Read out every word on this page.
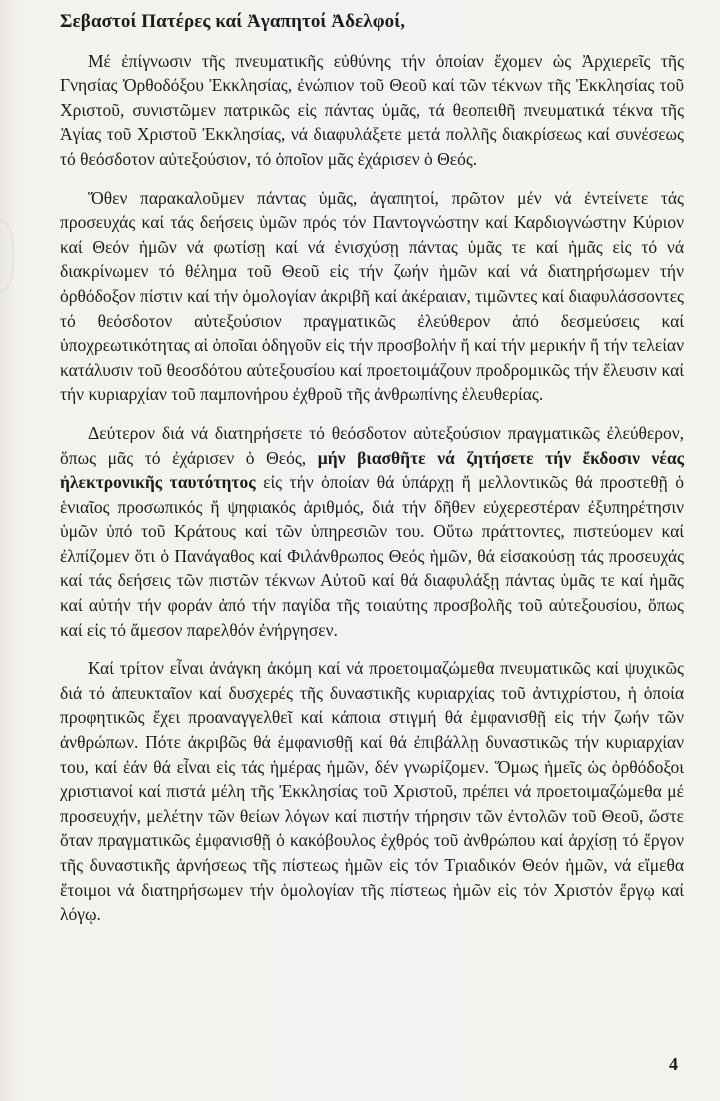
Σεβαστοί Πατέρες καί Ἀγαπητοί Ἀδελφοί,

Μέ ἐπίγνωσιν τῆς πνευματικῆς εὐθύνης τήν ὁποίαν ἔχομεν ὡς Ἀρχιερεῖς τῆς Γνησίας Ὀρθοδόξου Ἐκκλησίας, ἐνώπιον τοῦ Θεοῦ καί τῶν τέκνων τῆς Ἐκκλησίας τοῦ Χριστοῦ, συνιστῶμεν πατρικῶς εἰς πάντας ὑμᾶς, τά θεοπειθῆ πνευματικά τέκνα τῆς Ἁγίας τοῦ Χριστοῦ Ἐκκλησίας, νά διαφυλάξετε μετά πολλῆς διακρίσεως καί συνέσεως τό θεόσδοτον αὐτεξούσιον, τό ὁποῖον μᾶς ἐχάρισεν ὁ Θεός.

Ὅθεν παρακαλοῦμεν πάντας ὑμᾶς, ἀγαπητοί, πρῶτον μέν νά ἐντείνετε τάς προσευχάς καί τάς δεήσεις ὑμῶν πρός τόν Παντογνώστην καί Καρδιογνώστην Κύριον καί Θεόν ἡμῶν νά φωτίσῃ καί νά ἐνισχύσῃ πάντας ὑμᾶς τε καί ἡμᾶς εἰς τό νά διακρίνωμεν τό θέλημα τοῦ Θεοῦ εἰς τήν ζωήν ἡμῶν καί νά διατηρήσωμεν τήν ὀρθόδοξον πίστιν καί τήν ὁμολογίαν ἀκριβῆ καί ἀκέραιαν, τιμῶντες καί διαφυλάσσοντες τό θεόσδοτον αὐτεξούσιον πραγματικῶς ἐλεύθερον ἀπό δεσμεύσεις καί ὑποχρεωτικότητας αἱ ὁποῖαι ὁδηγοῦν εἰς τήν προσβολήν ἤ καί τήν μερικήν ἤ τήν τελείαν κατάλυσιν τοῦ θεοσδότου αὐτεξουσίου καί προετοιμάζουν προδρομικῶς τήν ἔλευσιν καί τήν κυριαρχίαν τοῦ παμπονήρου ἐχθροῦ τῆς ἀνθρωπίνης ἐλευθερίας.

Δεύτερον διά νά διατηρήσετε τό θεόσδοτον αὐτεξούσιον πραγματικῶς ἐλεύθερον, ὅπως μᾶς τό ἐχάρισεν ὁ Θεός, μήν βιασθῆτε νά ζητήσετε τήν ἔκδοσιν νέας ἠλεκτρονικῆς ταυτότητος εἰς τήν ὁποίαν θά ὑπάρχῃ ἤ μελλοντικῶς θά προστεθῇ ὁ ἑνιαῖος προσωπικός ἤ ψηφιακός ἀριθμός, διά τήν δῆθεν εὐχερεστέραν ἐξυπηρέτησιν ὑμῶν ὑπό τοῦ Κράτους καί τῶν ὑπηρεσιῶν του. Οὕτω πράττοντες, πιστεύομεν καί ἐλπίζομεν ὅτι ὁ Πανάγαθος καί Φιλάνθρωπος Θεός ἡμῶν, θά εἰσακούσῃ τάς προσευχάς καί τάς δεήσεις τῶν πιστῶν τέκνων Αὐτοῦ καί θά διαφυλάξῃ πάντας ὑμᾶς τε καί ἡμᾶς καί αὐτήν τήν φοράν ἀπό τήν παγίδα τῆς τοιαύτης προσβολῆς τοῦ αὐτεξουσίου, ὅπως καί εἰς τό ἄμεσον παρελθόν ἐνήργησεν.

Καί τρίτον εἶναι ἀνάγκη ἀκόμη καί νά προετοιμαζώμεθα πνευματικῶς καί ψυχικῶς διά τό ἀπευκταῖον καί δυσχερές τῆς δυναστικῆς κυριαρχίας τοῦ ἀντιχρίστου, ἡ ὁποία προφητικῶς ἔχει προαναγγελθεῖ καί κάποια στιγμή θά ἐμφανισθῇ εἰς τήν ζωήν τῶν ἀνθρώπων. Πότε ἀκριβῶς θά ἐμφανισθῇ καί θά ἐπιβάλλῃ δυναστικῶς τήν κυριαρχίαν του, καί ἐάν θά εἶναι εἰς τάς ἡμέρας ἡμῶν, δέν γνωρίζομεν. Ὅμως ἡμεῖς ὡς ὀρθόδοξοι χριστιανοί καί πιστά μέλη τῆς Ἐκκλησίας τοῦ Χριστοῦ, πρέπει νά προετοιμαζώμεθα μέ προσευχήν, μελέτην τῶν θείων λόγων καί πιστήν τήρησιν τῶν ἐντολῶν τοῦ Θεοῦ, ὥστε ὅταν πραγματικῶς ἐμφανισθῇ ὁ κακόβουλος ἐχθρός τοῦ ἀνθρώπου καί ἀρχίσῃ τό ἔργον τῆς δυναστικῆς ἀρνήσεως τῆς πίστεως ἡμῶν εἰς τόν Τριαδικόν Θεόν ἡμῶν, νά εἴμεθα ἕτοιμοι νά διατηρήσωμεν τήν ὁμολογίαν τῆς πίστεως ἡμῶν εἰς τόν Χριστόν ἔργῳ καί λόγῳ.

4
